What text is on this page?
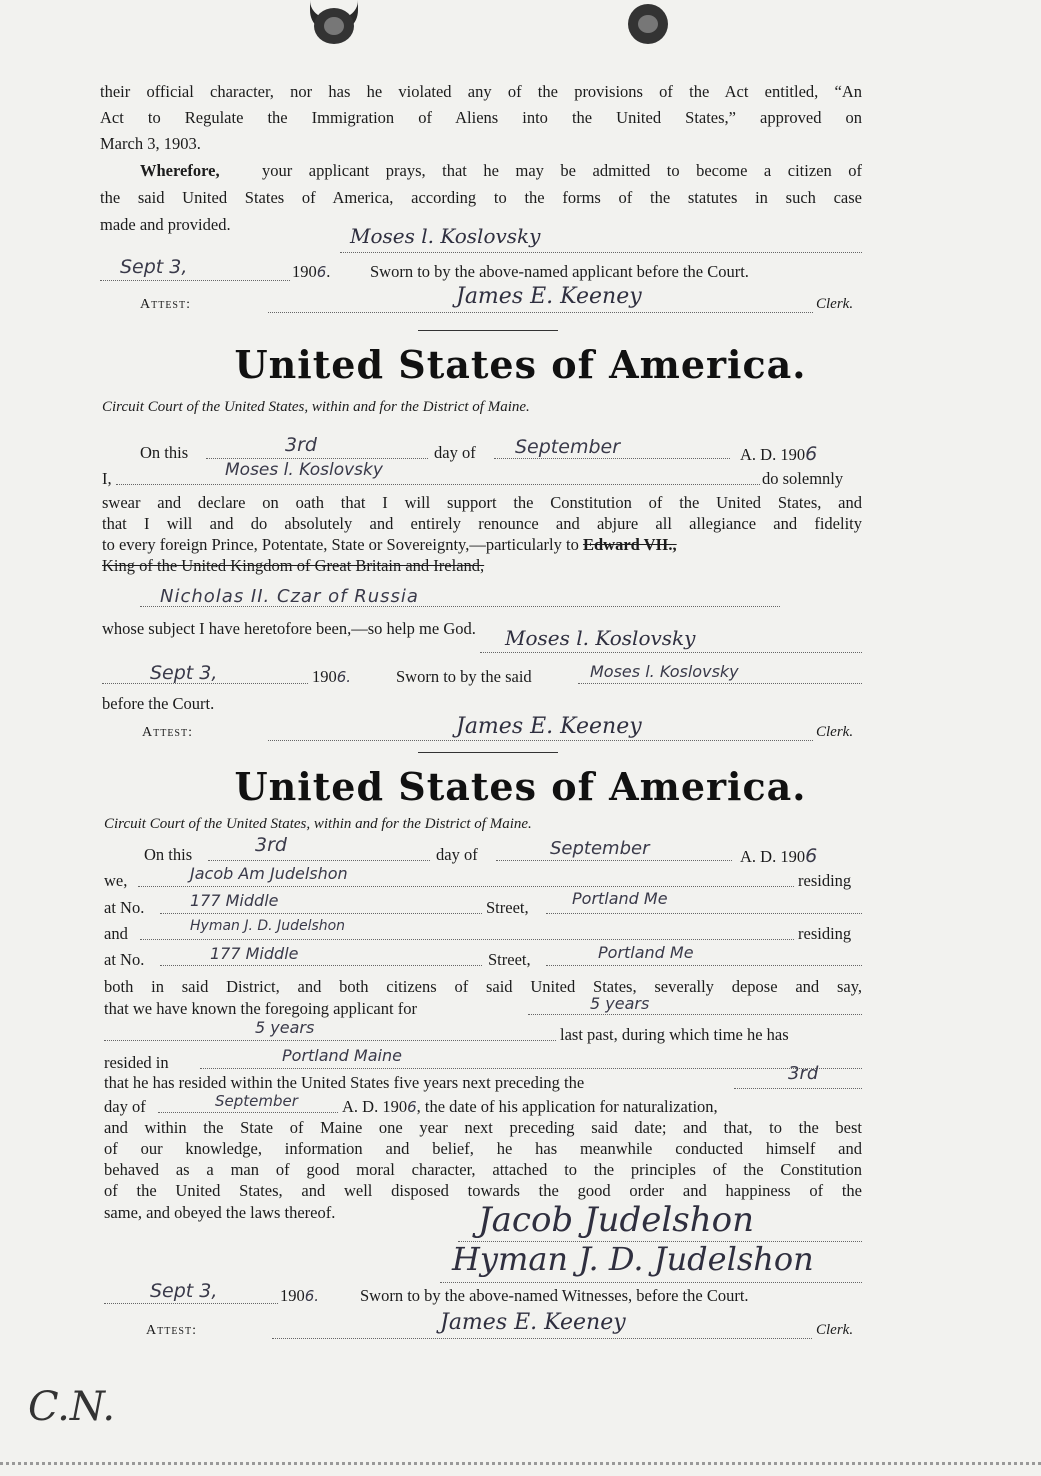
their official character, nor has he violated any of the provisions of the Act entitled, “An
Act to Regulate the Immigration of Aliens into the United States,” approved on
March 3, 1903.
Wherefore,	your applicant prays, that he may be admitted to become a citizen of
the said United States of America, according to the forms of the statutes in such case
made and provided.	Moses l. Koslovsky
Sept 3,	1906. Sworn to by the above-named applicant before the Court.
Attest:	James E. Keeney	Clerk.
United States of America.
Circuit Court of the United States, within and for the District of Maine.
On this	3rd	day of September	A. D. 1906
I,	Moses l. Koslovsky	do solemnly
swear and declare on oath that I will support the Constitution of the United States, and
that I will and do absolutely and entirely renounce and abjure all allegiance and fidelity
to every foreign Prince, Potentate, State or Sovereignty,—particularly to Edward VII.,
King of the United Kingdom of Great Britain and Ireland,
Nicholas II. Czar of Russia
whose subject I have heretofore been,—so help me God. Moses l. Koslovsky
Sept 3,	1906.	Sworn to by the said	Moses l. Koslovsky
before the Court.
Attest:	James E. Keeney	Clerk.
United States of America.
Circuit Court of the United States, within and for the District of Maine.
On this	3rd	day of	September	A. D. 1906
we,	Jacob Am Judelshon	residing
at No.	177 Middle	Street,	Portland Me
and	Hyman J. D. Judelshon	residing
at No.	177 Middle	Street,	Portland Me
both in said District, and both citizens of said United States, severally depose and say,
that we have known the foregoing applicant for	5 years
5 years	last past, during which time he has
resided in	Portland Maine
that he has resided within the United States five years next preceding the	3rd
day of	September	A. D. 1906, the date of his application for naturalization,
and within the State of Maine one year next preceding said date; and that, to the best
of our knowledge, information and belief, he has meanwhile conducted himself and
behaved as a man of good moral character, attached to the principles of the Constitution
of the United States, and well disposed towards the good order and happiness of the
same, and obeyed the laws thereof.	Jacob Judelshon
Hyman J. D. Judelshon
Sept 3,	1906. Sworn to by the above-named Witnesses, before the Court.
Attest:	James E. Keeney	Clerk.
C.N.
